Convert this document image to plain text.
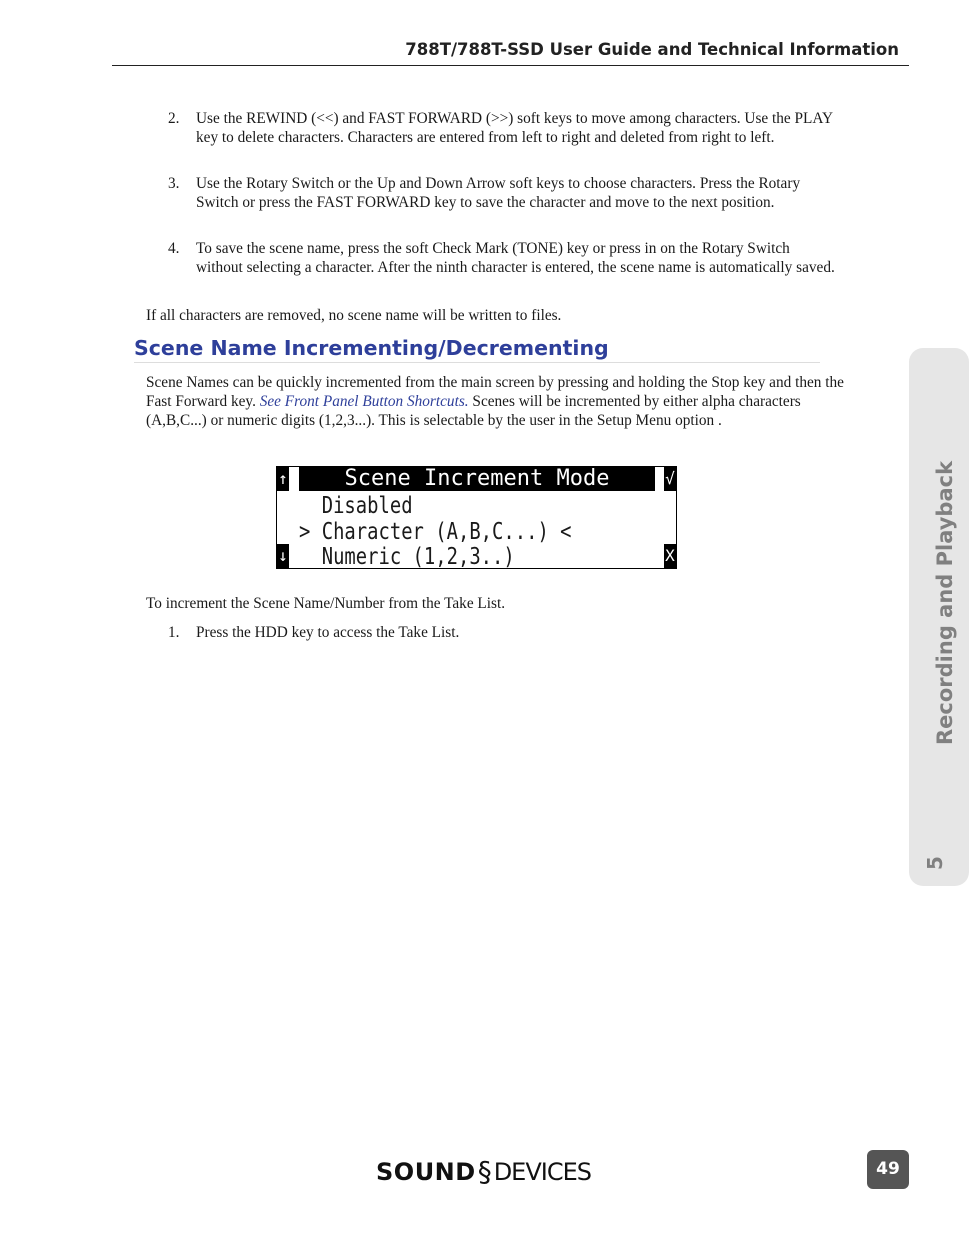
788T/788T-SSD User Guide and Technical Information
2. Use the REWIND (<<) and FAST FORWARD (>>) soft keys to move among characters. Use the PLAY key to delete characters. Characters are entered from left to right and deleted from right to left.
3. Use the Rotary Switch or the Up and Down Arrow soft keys to choose characters. Press the Rotary Switch or press the FAST FORWARD key to save the character and move to the next position.
4. To save the scene name, press the soft Check Mark (TONE) key or press in on the Rotary Switch without selecting a character. After the ninth character is entered, the scene name is automatically saved.
If all characters are removed, no scene name will be written to files.
Scene Name Incrementing/Decrementing
Scene Names can be quickly incremented from the main screen by pressing and holding the Stop key and then the Fast Forward key. See Front Panel Button Shortcuts. Scenes will be incremented by either alpha characters (A,B,C...) or numeric digits (1,2,3...). This is selectable by the user in the Setup Menu option .
↑	Scene Increment Mode	√
Disabled
> Character (A,B,C...) <
Numeric (1,2,3..)
↓	X
To increment the Scene Name/Number from the Take List.
1. Press the HDD key to access the Take List.	Recording and Playback
5
SOUND § DEVICES	49
